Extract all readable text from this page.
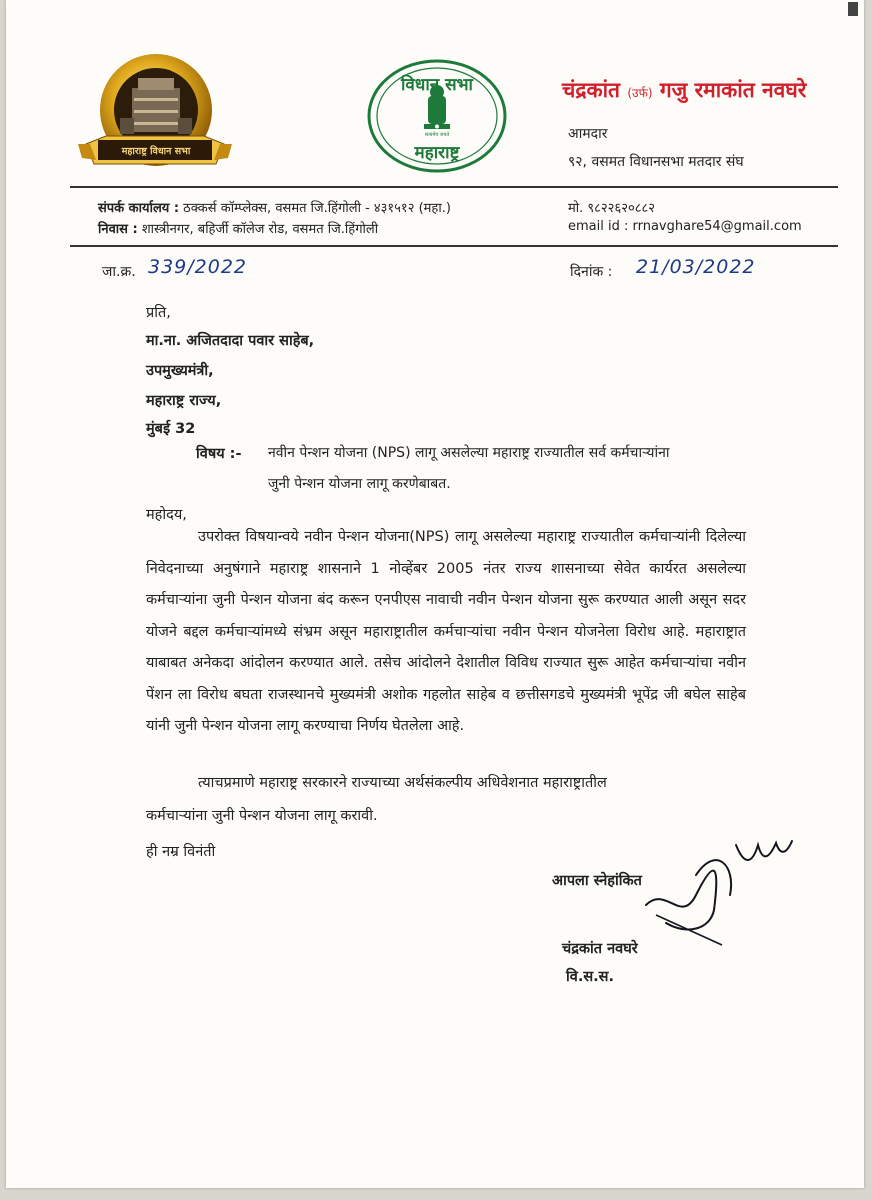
महाराष्ट्र विधान सभा
विधान सभा
सत्यमेव जयते
महाराष्ट्र
चंद्रकांत (उर्फ) गजु रमाकांत नवघरे
आमदार
९२, वसमत विधानसभा मतदार संघ
संपर्क कार्यालय : ठक्कर्स कॉम्प्लेक्स, वसमत जि.हिंगोली - ४३१५१२ (महा.)
निवास : शास्त्रीनगर, बहिर्जी कॉलेज रोड, वसमत जि.हिंगोली
मो. ९८२२६२०८८२
email id : rrnavghare54@gmail.com
जा.क्र. 339/2022	दिनांक : 21/03/2022
प्रति,
मा.ना. अजितदादा पवार साहेब,
उपमुख्यमंत्री,
महाराष्ट्र राज्य,
मुंबई 32
विषय :- नवीन पेन्शन योजना (NPS) लागू असलेल्या महाराष्ट्र राज्यातील सर्व कर्मचाऱ्यांना
जुनी पेन्शन योजना लागू करणेबाबत.
महोदय,
उपरोक्त विषयान्वये नवीन पेन्शन योजना(NPS) लागू असलेल्या महाराष्ट्र राज्यातील कर्मचाऱ्यांनी दिलेल्या निवेदनाच्या अनुषंगाने महाराष्ट्र शासनाने 1 नोव्हेंबर 2005 नंतर राज्य शासनाच्या सेवेत कार्यरत असलेल्या कर्मचाऱ्यांना जुनी पेन्शन योजना बंद करून एनपीएस नावाची नवीन पेन्शन योजना सुरू करण्यात आली असून सदर योजने बद्दल कर्मचाऱ्यांमध्ये संभ्रम असून महाराष्ट्रातील कर्मचाऱ्यांचा नवीन पेन्शन योजनेला विरोध आहे. महाराष्ट्रात याबाबत अनेकदा आंदोलन करण्यात आले. तसेच आंदोलने देशातील विविध राज्यात सुरू आहेत कर्मचाऱ्यांचा नवीन पेंशन ला विरोध बघता राजस्थानचे मुख्यमंत्री अशोक गहलोत साहेब व छत्तीसगडचे मुख्यमंत्री भूपेंद्र जी बघेल साहेब यांनी जुनी पेन्शन योजना लागू करण्याचा निर्णय घेतलेला आहे.
त्याचप्रमाणे महाराष्ट्र सरकारने राज्याच्या अर्थसंकल्पीय अधिवेशनात महाराष्ट्रातील
कर्मचाऱ्यांना जुनी पेन्शन योजना लागू करावी.
ही नम्र विनंती
आपला स्नेहांकित
चंद्रकांत नवघरे
वि.स.स.
